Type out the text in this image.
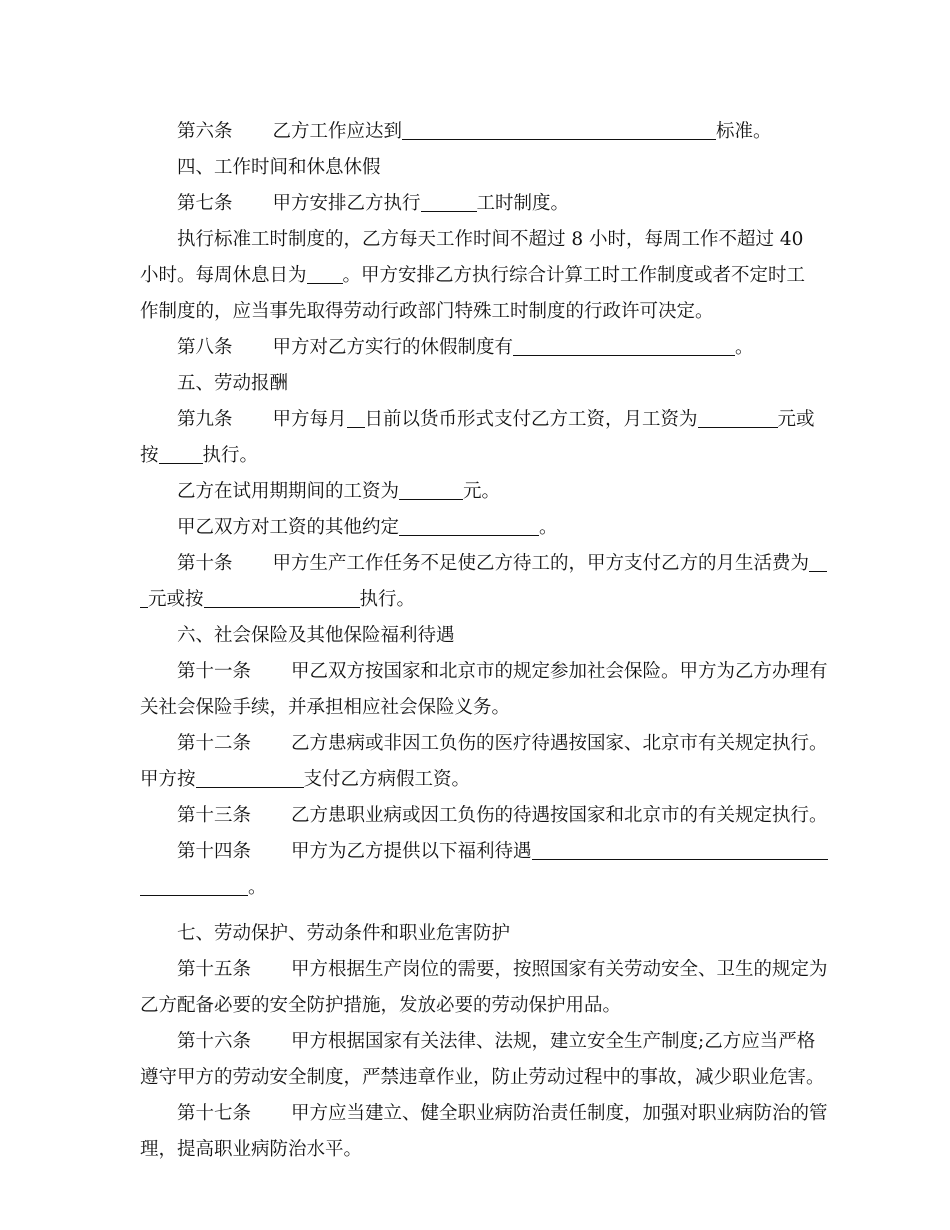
第六条 乙方工作应达到	标准。

四、工作时间和休息休假

第七条 甲方安排乙方执行	工时制度。

执行标准工时制度的，乙方每天工作时间不超过 8 小时，每周工作不超过 40

小时。每周休息日为 。甲方安排乙方执行综合计算工时工作制度或者不定时工

作制度的，应当事先取得劳动行政部门特殊工时制度的行政许可决定。

第八条 甲方对乙方实行的休假制度有	。

五、劳动报酬

第九条 甲方每月 日前以货币形式支付乙方工资，月工资为	元或

按 执行。

乙方在试用期期间的工资为	元。

甲乙双方对工资的其他约定	。

第十条 甲方生产工作任务不足使乙方待工的，甲方支付乙方的月生活费为

元或按	执行。

六、社会保险及其他保险福利待遇

第十一条 甲乙双方按国家和北京市的规定参加社会保险。甲方为乙方办理有

关社会保险手续，并承担相应社会保险义务。

第十二条 乙方患病或非因工负伤的医疗待遇按国家、北京市有关规定执行。

甲方按	支付乙方病假工资。

第十三条 乙方患职业病或因工负伤的待遇按国家和北京市的有关规定执行。

第十四条 甲方为乙方提供以下福利待遇

。

七、劳动保护、劳动条件和职业危害防护

第十五条 甲方根据生产岗位的需要，按照国家有关劳动安全、卫生的规定为

乙方配备必要的安全防护措施，发放必要的劳动保护用品。

第十六条 甲方根据国家有关法律、法规，建立安全生产制度;乙方应当严格

遵守甲方的劳动安全制度，严禁违章作业，防止劳动过程中的事故，减少职业危害。

第十七条 甲方应当建立、健全职业病防治责任制度，加强对职业病防治的管

理，提高职业病防治水平。
